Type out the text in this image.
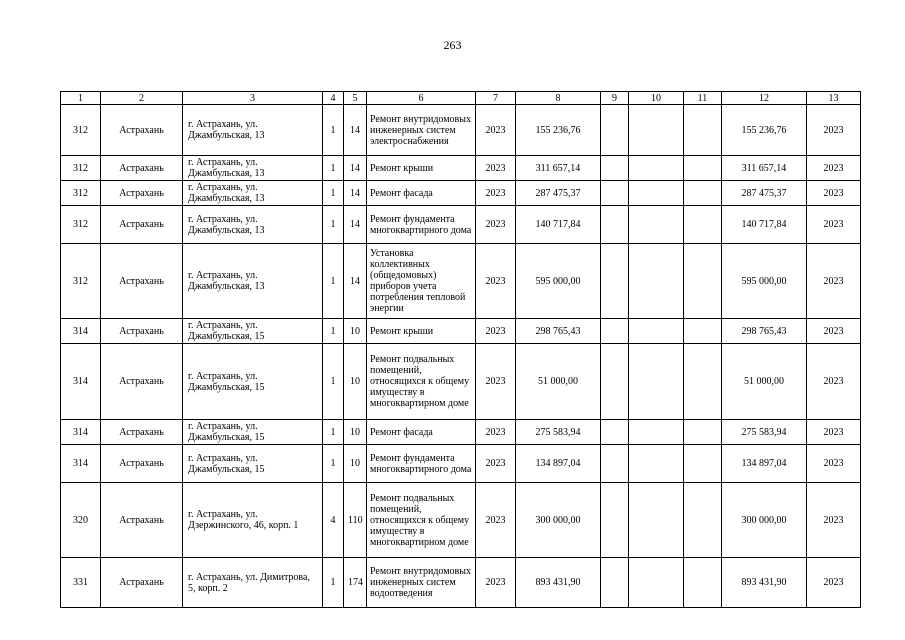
263
1	2	3	4	5	6	7	8	9	10	11	12	13
312	Астрахань	г. Астрахань, ул. Джамбульская, 13	1	14	Ремонт внутридомовых инженерных систем электроснабжения	2023	155 236,76				155 236,76	2023
312	Астрахань	г. Астрахань, ул. Джамбульская, 13	1	14	Ремонт крыши	2023	311 657,14				311 657,14	2023
312	Астрахань	г. Астрахань, ул. Джамбульская, 13	1	14	Ремонт фасада	2023	287 475,37				287 475,37	2023
312	Астрахань	г. Астрахань, ул. Джамбульская, 13	1	14	Ремонт фундамента многоквартирного дома	2023	140 717,84				140 717,84	2023
312	Астрахань	г. Астрахань, ул. Джамбульская, 13	1	14	Установка коллективных (общедомовых) приборов учета потребления тепловой энергии	2023	595 000,00				595 000,00	2023
314	Астрахань	г. Астрахань, ул. Джамбульская, 15	1	10	Ремонт крыши	2023	298 765,43				298 765,43	2023
314	Астрахань	г. Астрахань, ул. Джамбульская, 15	1	10	Ремонт подвальных помещений, относящихся к общему имуществу в многоквартирном доме	2023	51 000,00				51 000,00	2023
314	Астрахань	г. Астрахань, ул. Джамбульская, 15	1	10	Ремонт фасада	2023	275 583,94				275 583,94	2023
314	Астрахань	г. Астрахань, ул. Джамбульская, 15	1	10	Ремонт фундамента многоквартирного дома	2023	134 897,04				134 897,04	2023
320	Астрахань	г. Астрахань, ул. Дзержинского, 46, корп. 1	4	110	Ремонт подвальных помещений, относящихся к общему имуществу в многоквартирном доме	2023	300 000,00				300 000,00	2023
331	Астрахань	г. Астрахань, ул. Димитрова, 5, корп. 2	1	174	Ремонт внутридомовых инженерных систем водоотведения	2023	893 431,90				893 431,90	2023
